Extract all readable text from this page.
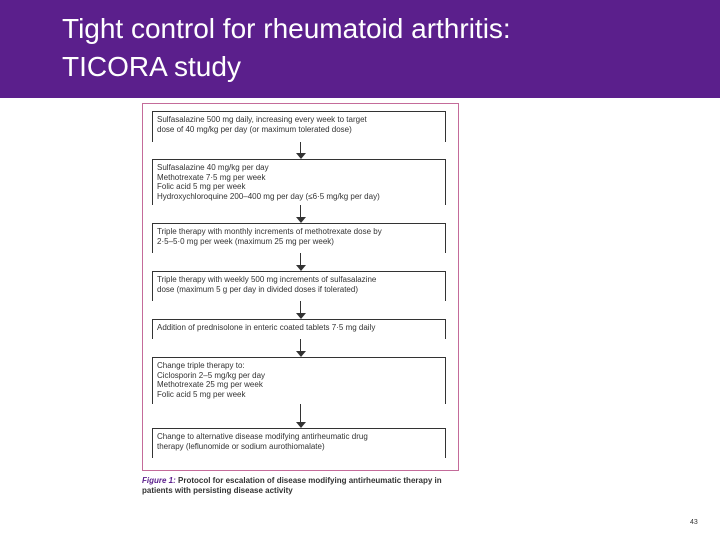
Tight control for rheumatoid arthritis:
TICORA study
Sulfasalazine 500 mg daily, increasing every week to target
dose of 40 mg/kg per day (or maximum tolerated dose)
Sulfasalazine 40 mg/kg per day
Methotrexate 7·5 mg per week
Folic acid 5 mg per week
Hydroxychloroquine 200–400 mg per day (≤6·5 mg/kg per day)
Triple therapy with monthly increments of methotrexate dose by
2·5–5·0 mg per week (maximum 25 mg per week)
Triple therapy with weekly 500 mg increments of sulfasalazine
dose (maximum 5 g per day in divided doses if tolerated)
Addition of prednisolone in enteric coated tablets 7·5 mg daily
Change triple therapy to:
Ciclosporin 2–5 mg/kg per day
Methotrexate 25 mg per week
Folic acid 5 mg per week
Change to alternative disease modifying antirheumatic drug
therapy (leflunomide or sodium aurothiomalate)
Figure 1: Protocol for escalation of disease modifying antirheumatic therapy in patients with persisting disease activity
43
